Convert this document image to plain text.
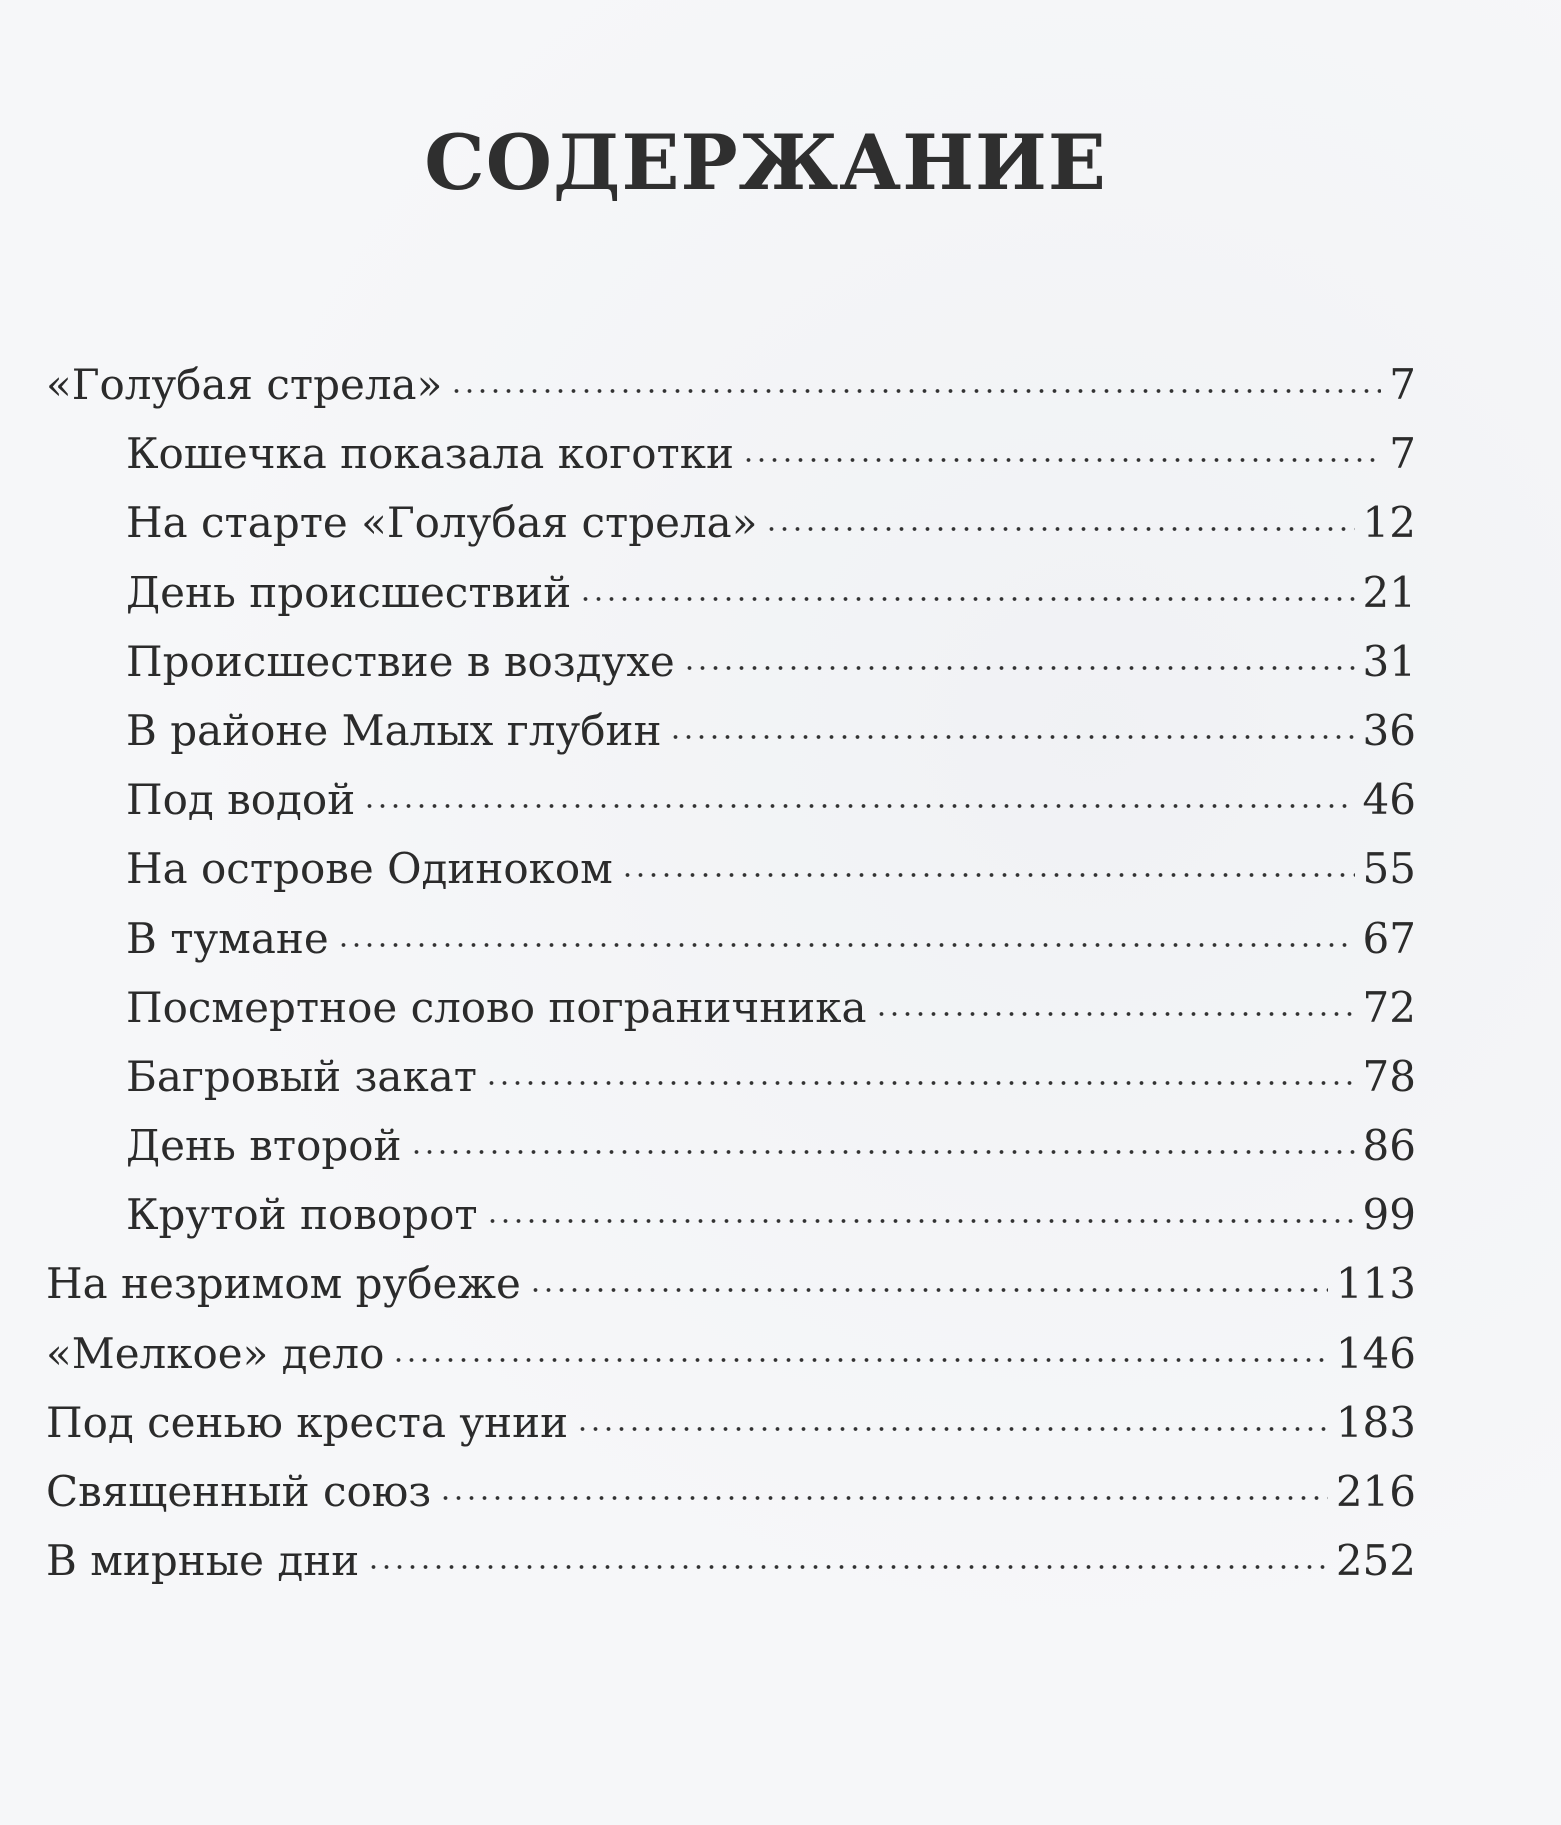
СОДЕРЖАНИЕ
«Голубая стрела»	7
Кошечка показала коготки	7
На старте «Голубая стрела»	12
День происшествий	21
Происшествие в воздухе	31
В районе Малых глубин	36
Под водой	46
На острове Одиноком	55
В тумане	67
Посмертное слово пограничника	72
Багровый закат	78
День второй	86
Крутой поворот	99
На незримом рубеже	113
«Мелкое» дело	146
Под сенью креста унии	183
Священный союз	216
В мирные дни	252
